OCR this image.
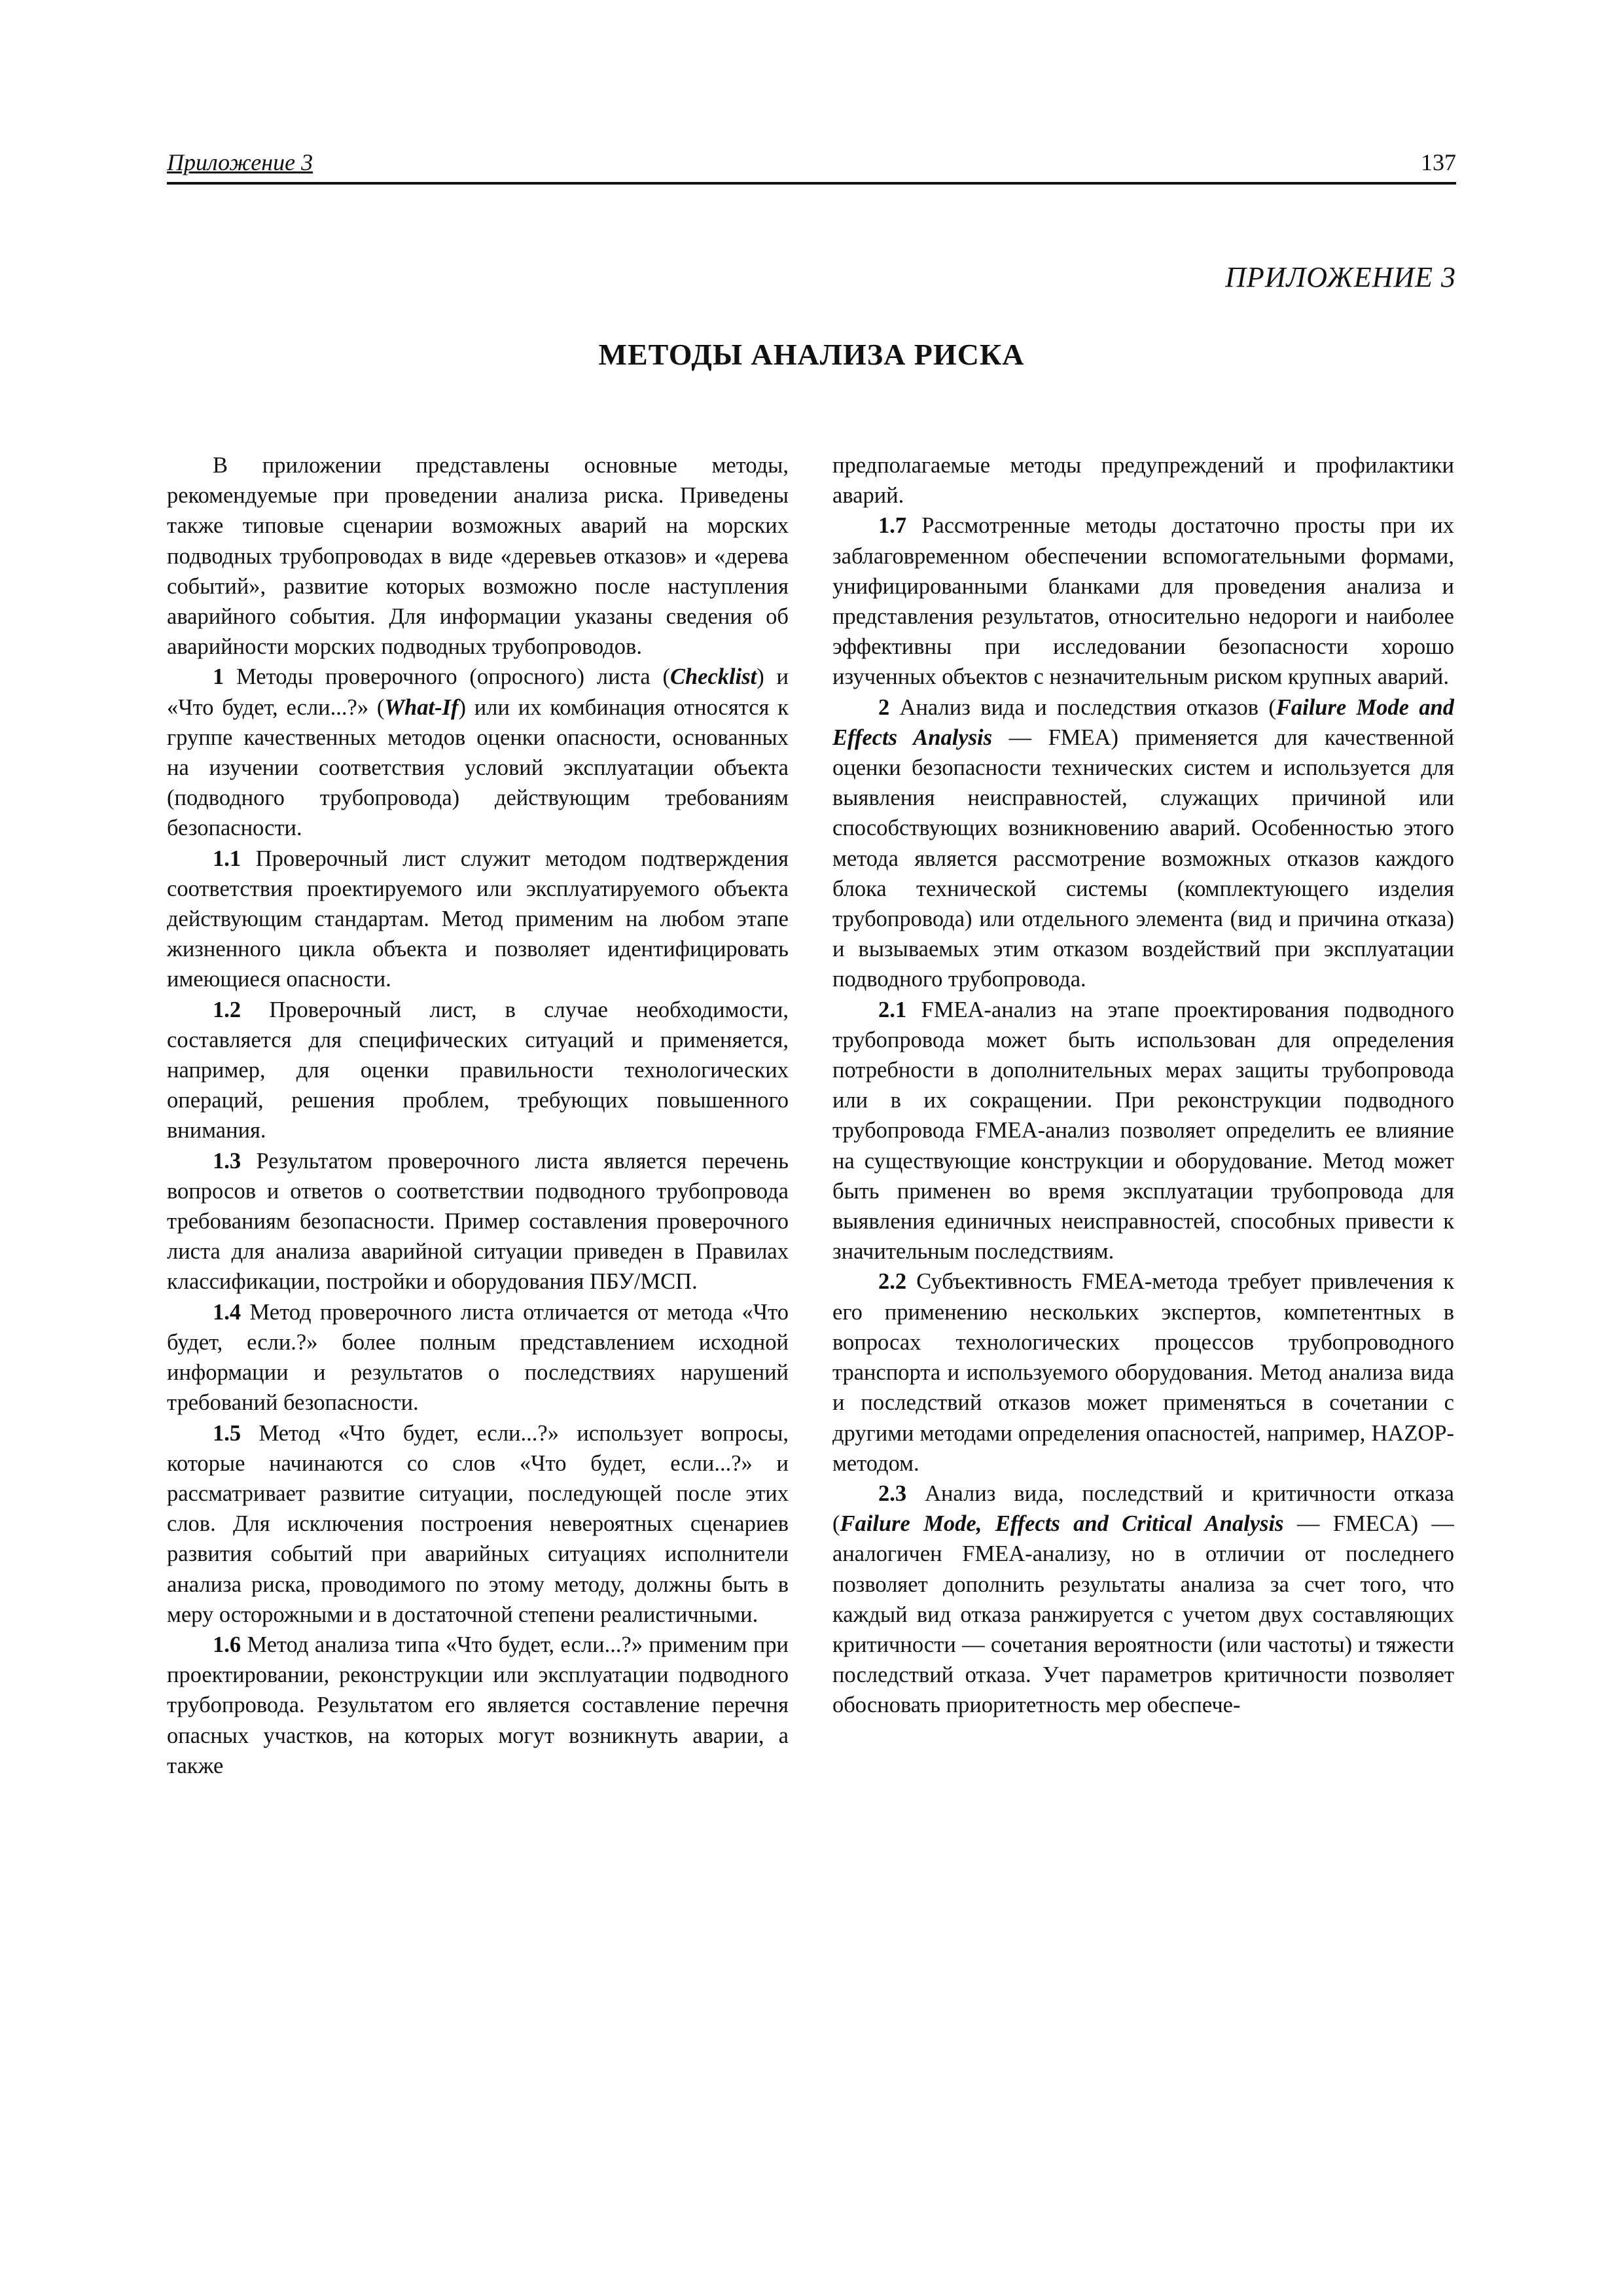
Приложение 3	137
ПРИЛОЖЕНИЕ 3
МЕТОДЫ АНАЛИЗА РИСКА

В приложении представлены основные методы, рекомендуемые при проведении анализа риска. Приведены также типовые сценарии возможных аварий на морских подводных трубопроводах в виде «деревьев отказов» и «дерева событий», развитие которых возможно после наступления аварийного события. Для информации указаны сведения об аварийности морских подводных трубопроводов.

1 Методы проверочного (опросного) листа (Checklist) и «Что будет, если...?» (What-If) или их комбинация относятся к группе качественных методов оценки опасности, основанных на изучении соответствия условий эксплуатации объекта (подводного трубопровода) действующим требованиям безопасности.

1.1 Проверочный лист служит методом подтверждения соответствия проектируемого или эксплуатируемого объекта действующим стандартам. Метод применим на любом этапе жизненного цикла объекта и позволяет идентифицировать имеющиеся опасности.

1.2 Проверочный лист, в случае необходимости, составляется для специфических ситуаций и применяется, например, для оценки правильности технологических операций, решения проблем, требующих повышенного внимания.

1.3 Результатом проверочного листа является перечень вопросов и ответов о соответствии подводного трубопровода требованиям безопасности. Пример составления проверочного листа для анализа аварийной ситуации приведен в Правилах классификации, постройки и оборудования ПБУ/МСП.

1.4 Метод проверочного листа отличается от метода «Что будет, если.?» более полным представлением исходной информации и результатов о последствиях нарушений требований безопасности.

1.5 Метод «Что будет, если...?» использует вопросы, которые начинаются со слов «Что будет, если...?» и рассматривает развитие ситуации, последующей после этих слов. Для исключения построения невероятных сценариев развития событий при аварийных ситуациях исполнители анализа риска, проводимого по этому методу, должны быть в меру осторожными и в достаточной степени реалистичными.

1.6 Метод анализа типа «Что будет, если...?» применим при проектировании, реконструкции или эксплуатации подводного трубопровода. Результатом его является составление перечня опасных участков, на которых могут возникнуть аварии, а также

предполагаемые методы предупреждений и профилактики аварий.

1.7 Рассмотренные методы достаточно просты при их заблаговременном обеспечении вспомогательными формами, унифицированными бланками для проведения анализа и представления результатов, относительно недороги и наиболее эффективны при исследовании безопасности хорошо изученных объектов с незначительным риском крупных аварий.

2 Анализ вида и последствия отказов (Failure Mode and Effects Analysis — FMEA) применяется для качественной оценки безопасности технических систем и используется для выявления неисправностей, служащих причиной или способствующих возникновению аварий. Особенностью этого метода является рассмотрение возможных отказов каждого блока технической системы (комплектующего изделия трубопровода) или отдельного элемента (вид и причина отказа) и вызываемых этим отказом воздействий при эксплуатации подводного трубопровода.

2.1 FMEA-анализ на этапе проектирования подводного трубопровода может быть использован для определения потребности в дополнительных мерах защиты трубопровода или в их сокращении. При реконструкции подводного трубопровода FMEA-анализ позволяет определить ее влияние на существующие конструкции и оборудование. Метод может быть применен во время эксплуатации трубопровода для выявления единичных неисправностей, способных привести к значительным последствиям.

2.2 Субъективность FMEA-метода требует привлечения к его применению нескольких экспертов, компетентных в вопросах технологических процессов трубопроводного транспорта и используемого оборудования. Метод анализа вида и последствий отказов может применяться в сочетании с другими методами определения опасностей, например, HAZOP-методом.

2.3 Анализ вида, последствий и критичности отказа (Failure Mode, Effects and Critical Analysis — FMECA) — аналогичен FMEA-анализу, но в отличии от последнего позволяет дополнить результаты анализа за счет того, что каждый вид отказа ранжируется с учетом двух составляющих критичности — сочетания вероятности (или частоты) и тяжести последствий отказа. Учет параметров критичности позволяет обосновать приоритетность мер обеспече-
